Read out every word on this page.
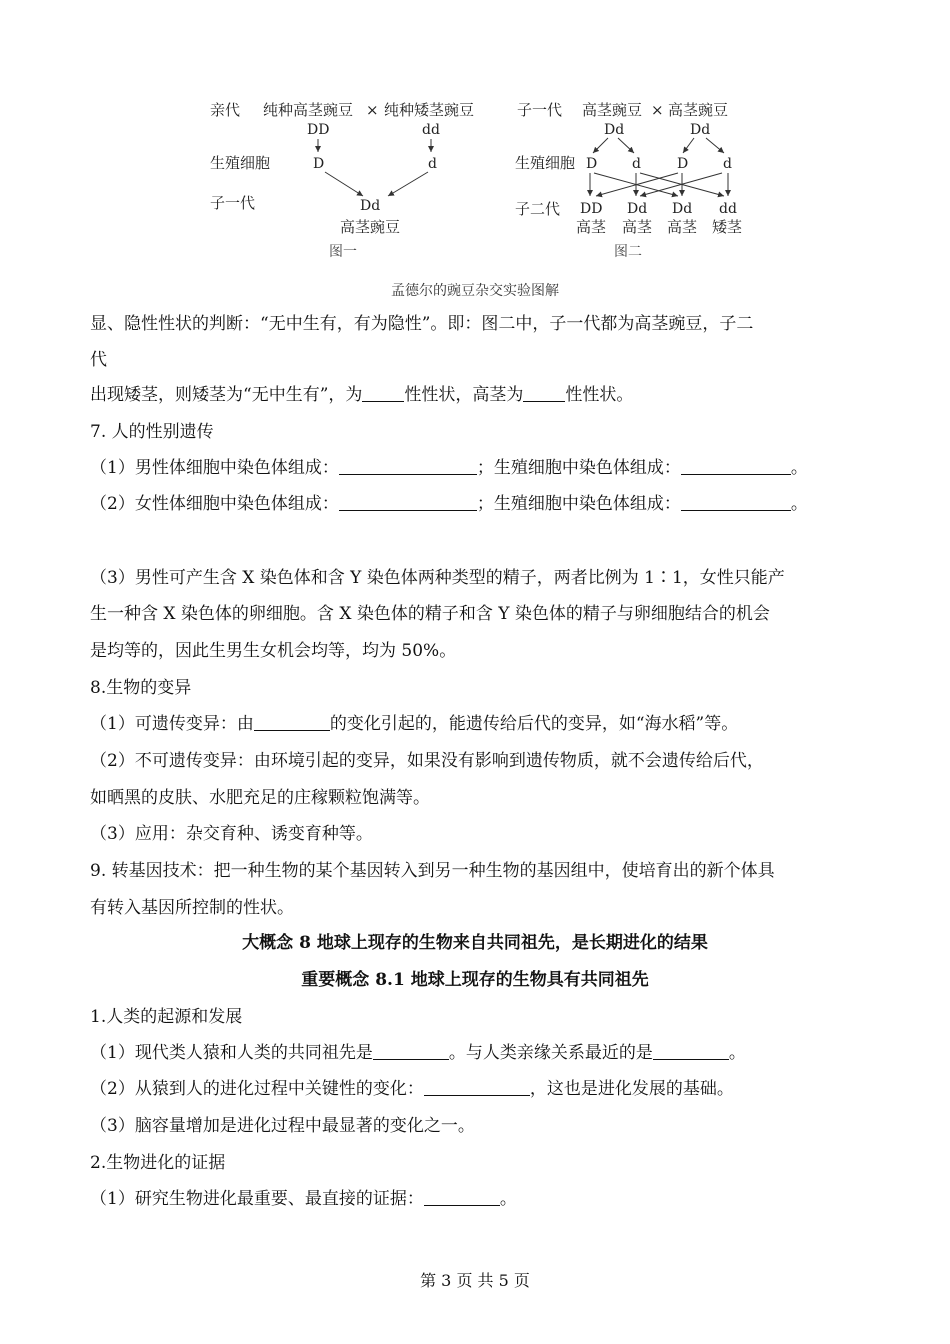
亲代 纯种高茎豌豆 × 纯种矮茎豌豆
DD	dd
生殖细胞	D	d
子一代	Dd
高茎豌豆
图一
子一代 高茎豌豆 × 高茎豌豆
Dd	Dd
生殖细胞 D d	D d
子二代 DD Dd Dd dd
高茎 高茎 高茎 矮茎
图二
孟德尔的豌豆杂交实验图解
显、隐性性状的判断：“无中生有，有为隐性”。即：图二中，子一代都为高茎豌豆，子二
代
出现矮茎，则矮茎为“无中生有”，为 性性状，高茎为 性性状。
7. 人的性别遗传
（1）男性体细胞中染色体组成：	；生殖细胞中染色体组成：	。
（2）女性体细胞中染色体组成：	；生殖细胞中染色体组成：	。
（3）男性可产生含 X 染色体和含 Y 染色体两种类型的精子，两者比例为 1∶1，女性只能产
生一种含 X 染色体的卵细胞。含 X 染色体的精子和含 Y 染色体的精子与卵细胞结合的机会
是均等的，因此生男生女机会均等，均为 50%。
8.生物的变异
（1）可遗传变异：由	的变化引起的，能遗传给后代的变异，如“海水稻”等。
（2）不可遗传变异：由环境引起的变异，如果没有影响到遗传物质，就不会遗传给后代，
如晒黑的皮肤、水肥充足的庄稼颗粒饱满等。
（3）应用：杂交育种、诱变育种等。
9. 转基因技术：把一种生物的某个基因转入到另一种生物的基因组中，使培育出的新个体具
有转入基因所控制的性状。
大概念 8 地球上现存的生物来自共同祖先，是长期进化的结果
重要概念 8.1 地球上现存的生物具有共同祖先
1.人类的起源和发展
（1）现代类人猿和人类的共同祖先是	。与人类亲缘关系最近的是	。
（2）从猿到人的进化过程中关键性的变化：	，这也是进化发展的基础。
（3）脑容量增加是进化过程中最显著的变化之一。
2.生物进化的证据
（1）研究生物进化最重要、最直接的证据：	。
第 3 页 共 5 页
